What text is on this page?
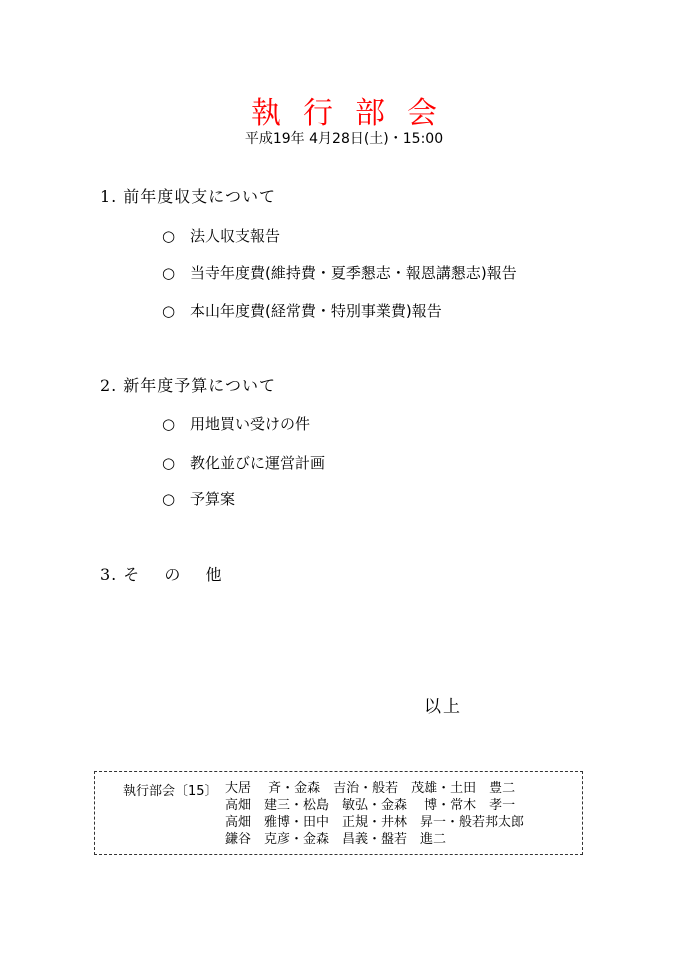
執行部会
平成19年 4月28日(土)・15:00
1. 前年度収支について
○ 法人収支報告
○ 当寺年度費(維持費・夏季懇志・報恩講懇志)報告
○ 本山年度費(経常費・特別事業費)報告
2. 新年度予算について
○ 用地買い受けの件
○ 教化並びに運営計画
○ 予算案
3. そ の 他
以上
執行部会〔15〕 大居　 斉・金森　吉治・般若　茂雄・土田　豊二
高畑　建三・松島　敏弘・金森　 博・常木　孝一
高畑　雅博・田中　正規・井林　昇一・般若邦太郎
鎌谷　克彦・金森　昌義・盤若　進二
